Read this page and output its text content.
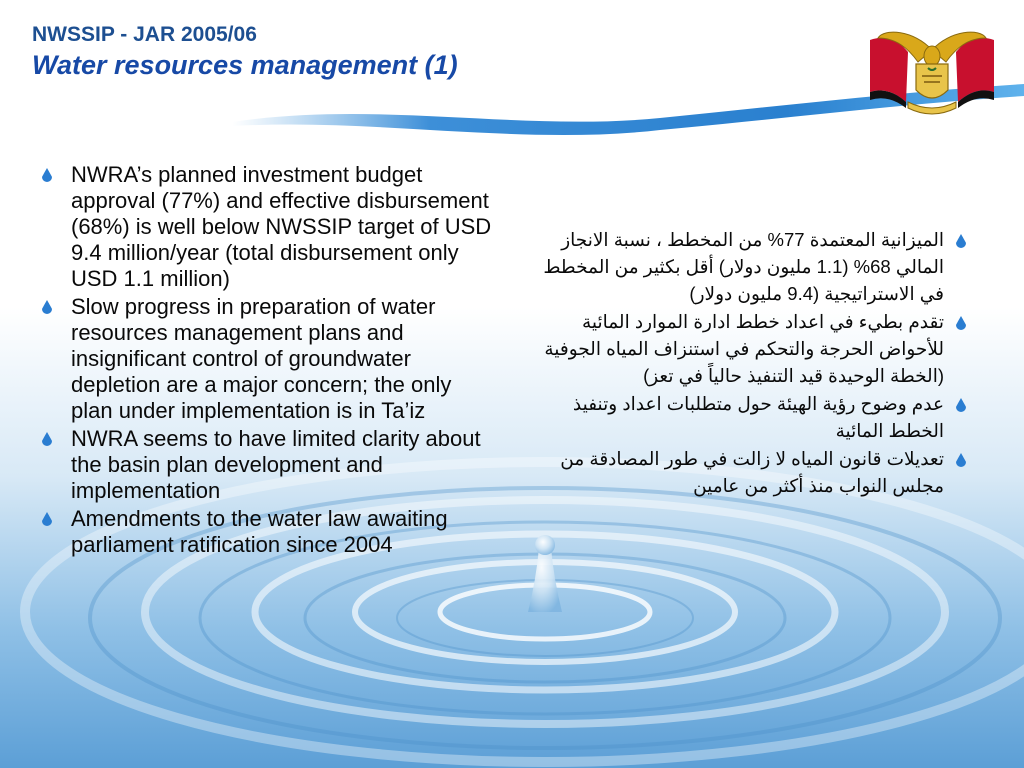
NWSSIP - JAR 2005/06
Water resources management (1)
NWRA’s planned investment budget approval (77%) and effective disbursement (68%) is well below NWSSIP target of USD 9.4 million/year (total disbursement only USD 1.1 million)
Slow progress in preparation of water resources management plans and insignificant control of groundwater depletion are a major concern; the only plan under implementation is in Ta’iz
NWRA seems to have limited clarity about the basin plan development and implementation
Amendments to the water law awaiting parliament ratification since 2004
الميزانية المعتمدة 77% من المخطط ، نسبة الانجاز المالي 68% (1.1 مليون دولار) أقل بكثير من المخطط في الاستراتيجية (9.4 مليون دولار)
تقدم بطيء في اعداد خطط ادارة الموارد المائية للأحواض الحرجة والتحكم في استنزاف المياه الجوفية (الخطة الوحيدة قيد التنفيذ حالياً في تعز)
عدم وضوح رؤية الهيئة حول متطلبات اعداد وتنفيذ الخطط المائية
تعديلات قانون المياه لا زالت في طور المصادقة من مجلس النواب منذ أكثر من عامين
